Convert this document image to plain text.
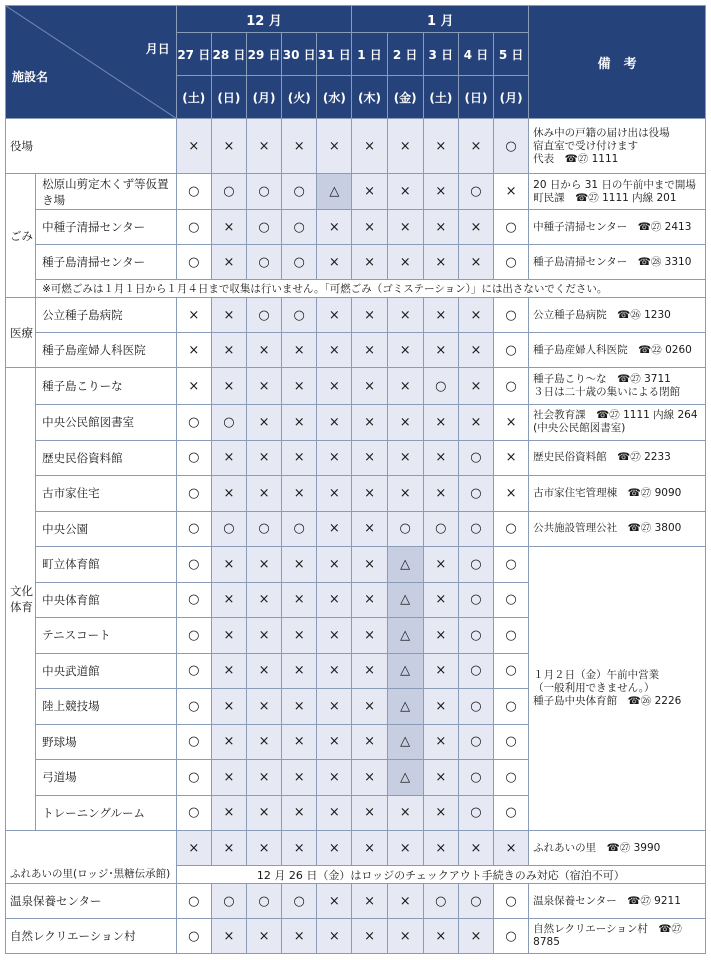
月日
施設名		12 月					1 月					備　考
		27 日	28 日	29 日	30 日	31 日	1 日	2 日	3 日	4 日	5 日	
		(土)	(日)	(月)	(火)	(水)	(木)	(金)	(土)	(日)	(月)	
役場		×	×	×	×	×	×	×	×	×	○	休み中の戸籍の届け出は役場
宿直室で受け付けます
代表　☎㉗ 1111
ごみ	松原山剪定木くず等仮置き場	○	○	○	○	△	×	×	×	○	×	20 日から 31 日の午前中まで開場
町民課　☎㉗ 1111 内線 201
	中種子清掃センター	○	×	○	○	×	×	×	×	×	○	中種子清掃センター　☎㉗ 2413
	種子島清掃センター	○	×	○	○	×	×	×	×	×	○	種子島清掃センター　☎㉘ 3310
	※可燃ごみは１月１日から１月４日まで収集は行いません。「可燃ごみ（ゴミステーション）」には出さないでください。											
医療	公立種子島病院	×	×	○	○	×	×	×	×	×	○	公立種子島病院　☎㉖ 1230
	種子島産婦人科医院	×	×	×	×	×	×	×	×	×	○	種子島産婦人科医院　☎㉒ 0260
文化
体育	種子島こりーな	×	×	×	×	×	×	×	○	×	○	種子島こり～な　☎㉗ 3711
３日は二十歳の集いによる閉館
	中央公民館図書室	○	○	×	×	×	×	×	×	×	×	社会教育課　☎㉗ 1111 内線 264
(中央公民館図書室)
	歴史民俗資料館	○	×	×	×	×	×	×	×	○	×	歴史民俗資料館　☎㉗ 2233
	古市家住宅	○	×	×	×	×	×	×	×	○	×	古市家住宅管理棟　☎㉗ 9090
	中央公園	○	○	○	○	×	×	○	○	○	○	公共施設管理公社　☎㉗ 3800
	町立体育館	○	×	×	×	×	×	△	×	○	○	１月２日（金）午前中営業
（一般利用できません。）
種子島中央体育館　☎㉖ 2226
	中央体育館	○	×	×	×	×	×	△	×	○	○	
	テニスコート	○	×	×	×	×	×	△	×	○	○	
	中央武道館	○	×	×	×	×	×	△	×	○	○	
	陸上競技場	○	×	×	×	×	×	△	×	○	○	
	野球場	○	×	×	×	×	×	△	×	○	○	
	弓道場	○	×	×	×	×	×	△	×	○	○	
	トレーニングルーム	○	×	×	×	×	×	×	×	○	○	
ふれあいの里(ロッジ･黒糖伝承館)		×	×	×	×	×	×	×	×	×	×	ふれあいの里　☎㉗ 3990
		12 月 26 日（金）はロッジのチェックアウト手続きのみ対応（宿泊不可）										
温泉保養センター		○	○	○	○	×	×	×	○	○	○	温泉保養センター　☎㉗ 9211
自然レクリエーション村		○	×	×	×	×	×	×	×	×	○	自然レクリエーション村　☎㉗ 8785
